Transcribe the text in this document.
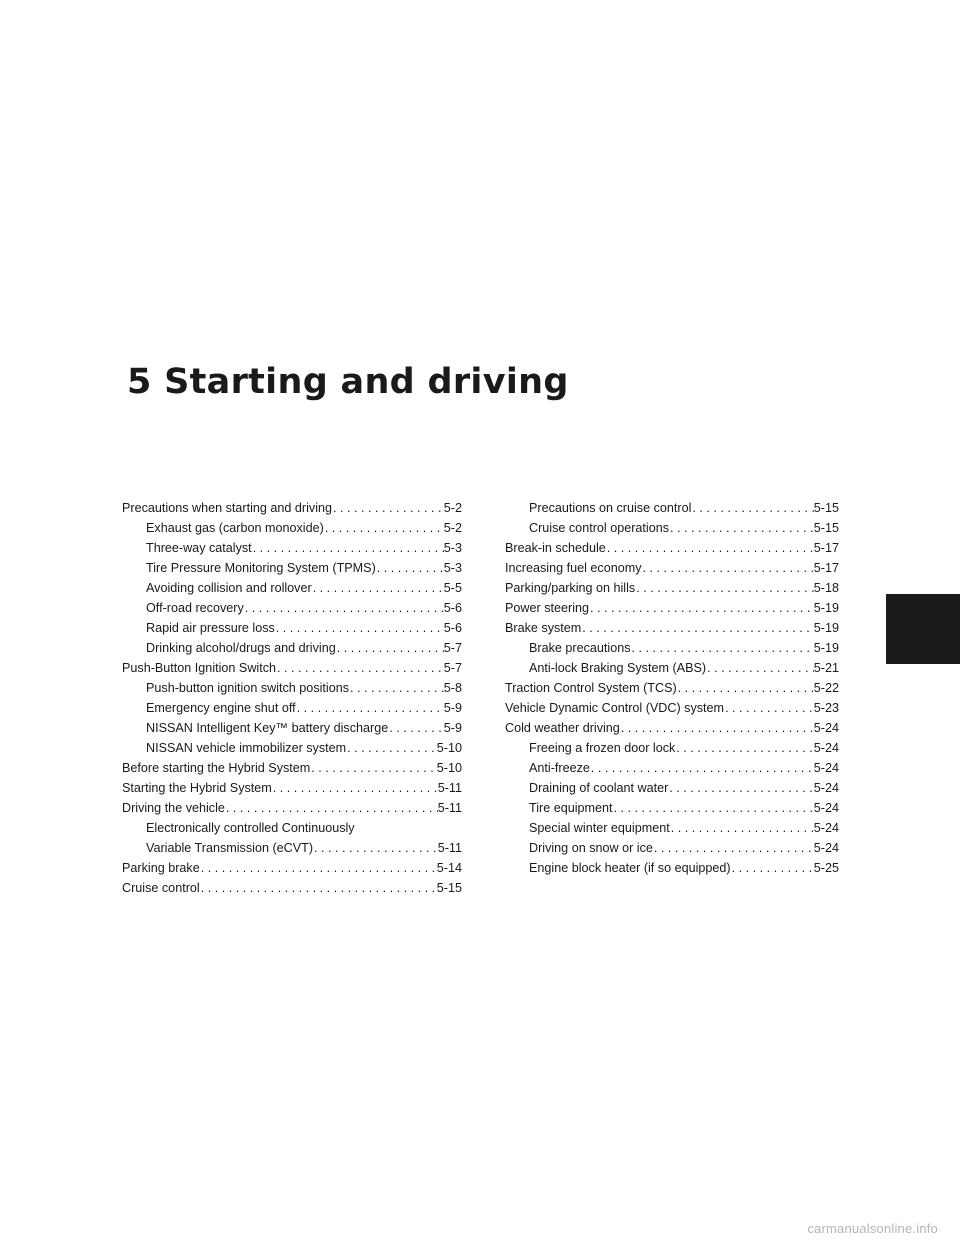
5 Starting and driving
Precautions when starting and driving . . .	5-2
Exhaust gas (carbon monoxide) . . .	5-2
Three-way catalyst . . .	5-3
Tire Pressure Monitoring System (TPMS) . . .	5-3
Avoiding collision and rollover . . .	5-5
Off-road recovery . . .	5-6
Rapid air pressure loss . . .	5-6
Drinking alcohol/drugs and driving . . .	5-7
Push-Button Ignition Switch . . .	5-7
Push-button ignition switch positions . . .	5-8
Emergency engine shut off . . .	5-9
NISSAN Intelligent Key™ battery discharge . . .	5-9
NISSAN vehicle immobilizer system . . .	5-10
Before starting the Hybrid System . . .	5-10
Starting the Hybrid System . . .	5-11
Driving the vehicle . . .	5-11
Electronically controlled Continuously
Variable Transmission (eCVT) . . .	5-11
Parking brake . . .	5-14
Cruise control . . .	5-15
Precautions on cruise control . . .	5-15
Cruise control operations . . .	5-15
Break-in schedule . . .	5-17
Increasing fuel economy . . .	5-17
Parking/parking on hills . . .	5-18
Power steering . . .	5-19
Brake system . . .	5-19
Brake precautions . . .	5-19
Anti-lock Braking System (ABS) . . .	5-21
Traction Control System (TCS) . . .	5-22
Vehicle Dynamic Control (VDC) system . . .	5-23
Cold weather driving . . .	5-24
Freeing a frozen door lock . . .	5-24
Anti-freeze . . .	5-24
Draining of coolant water . . .	5-24
Tire equipment . . .	5-24
Special winter equipment . . .	5-24
Driving on snow or ice . . .	5-24
Engine block heater (if so equipped) . . .	5-25
carmanualsonline.info
